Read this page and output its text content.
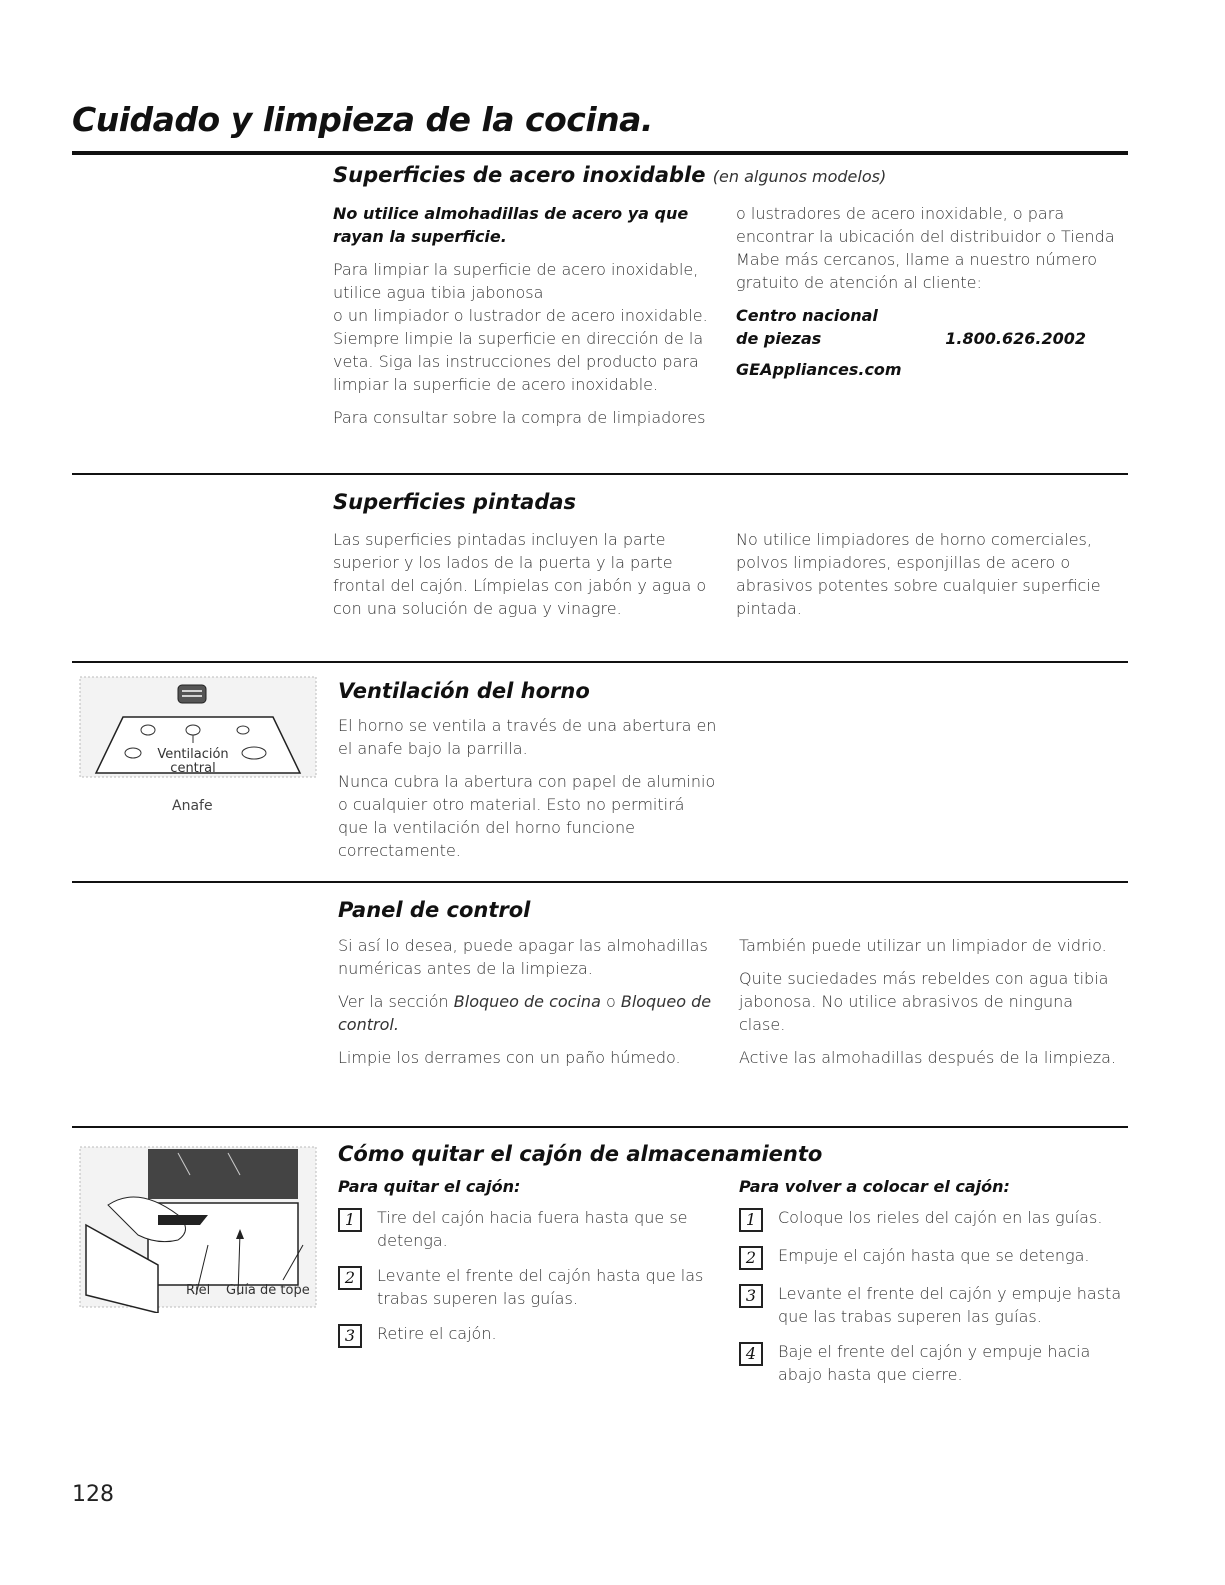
Cuidado y limpieza de la cocina.
Superficies de acero inoxidable (en algunos modelos)

No utilice almohadillas de acero ya que rayan la superficie.

Para limpiar la superficie de acero inoxidable, utilice agua tibia jabonosa

o un limpiador o lustrador de acero inoxidable. Siempre limpie la superficie en dirección de la veta. Siga las instrucciones del producto para limpiar la superficie de acero inoxidable.

Para consultar sobre la compra de limpiadores

o lustradores de acero inoxidable, o para encontrar la ubicación del distribuidor o Tienda Mabe más cercanos, llame a nuestro número gratuito de atención al cliente:

Centro nacional
de piezas	1.800.626.2002
GEAppliances.com
Superficies pintadas

Las superficies pintadas incluyen la parte superior y los lados de la puerta y la parte frontal del cajón. Límpielas con jabón y agua o con una solución de agua y vinagre.

No utilice limpiadores de horno comerciales, polvos limpiadores, esponjillas de acero o abrasivos potentes sobre cualquier superficie pintada.

Ventilación
central
Anafe
Ventilación del horno

El horno se ventila a través de una abertura en el anafe bajo la parrilla.

Nunca cubra la abertura con papel de aluminio o cualquier otro material. Esto no permitirá que la ventilación del horno funcione correctamente.

Panel de control

Si así lo desea, puede apagar las almohadillas numéricas antes de la limpieza.

Ver la sección Bloqueo de cocina o Bloqueo de control.

Limpie los derrames con un paño húmedo.

También puede utilizar un limpiador de vidrio.

Quite suciedades más rebeldes con agua tibia jabonosa. No utilice abrasivos de ninguna clase.

Active las almohadillas después de la limpieza.

Riel Guía de tope
Cómo quitar el cajón de almacenamiento
Para quitar el cajón:
1	Tire del cajón hacia fuera hasta que se detenga.
2	Levante el frente del cajón hasta que las trabas superen las guías.
3	Retire el cajón.
Para volver a colocar el cajón:
1	Coloque los rieles del cajón en las guías.
2	Empuje el cajón hasta que se detenga.
3	Levante el frente del cajón y empuje hasta que las trabas superen las guías.
4	Baje el frente del cajón y empuje hacia abajo hasta que cierre.
128
